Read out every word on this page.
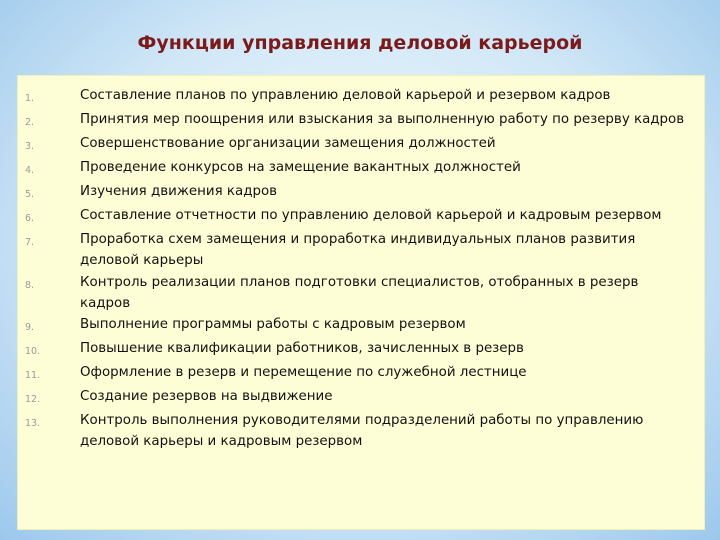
Функции управления деловой карьерой
1.	Составление планов по управлению деловой карьерой и резервом кадров
2.	Принятия мер поощрения или взыскания за выполненную работу по резерву кадров
3.	Совершенствование организации замещения должностей
4.	Проведение конкурсов на замещение вакантных должностей
5.	Изучения движения кадров
6.	Составление отчетности по управлению деловой карьерой и кадровым резервом
7.	Проработка схем замещения и проработка индивидуальных планов развития деловой карьеры
8.	Контроль реализации планов подготовки специалистов, отобранных в резерв кадров
9.	Выполнение программы работы с кадровым резервом
10.	Повышение квалификации работников, зачисленных в резерв
11.	Оформление в резерв и перемещение по служебной лестнице
12.	Создание резервов на выдвижение
13.	Контроль выполнения руководителями подразделений работы по управлению деловой карьеры и кадровым резервом
